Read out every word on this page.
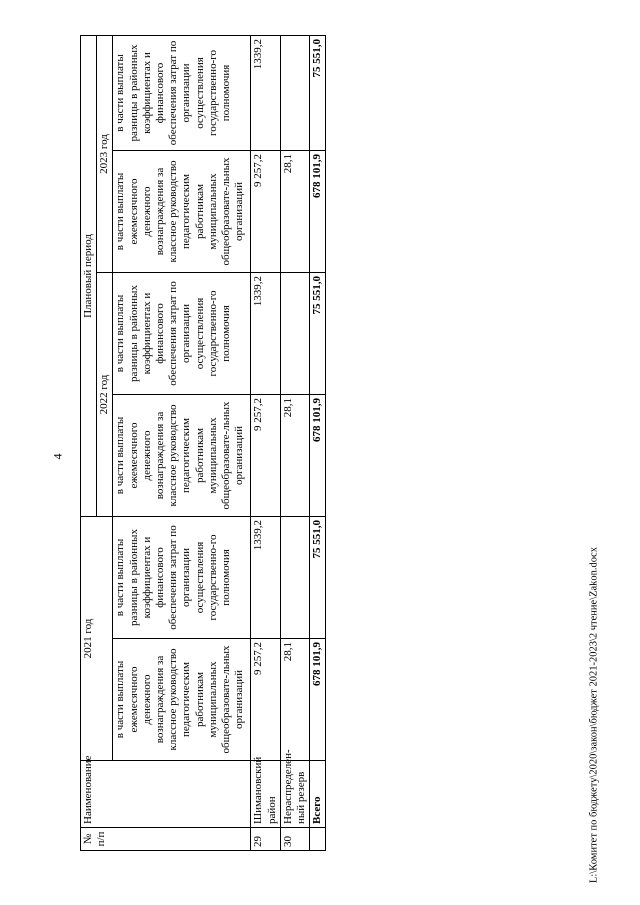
4
№ п/п	Наименование	2021 год		Плановый период			
				2022 год		2023 год	
		в части выплаты ежемесячного денежного вознаграждения за классное руководство педагогическим работникам муниципальных общеобразовате-льных организаций	в части выплаты разницы в районных коэффициентах и финансового обеспечения затрат по организации осуществления государственно-го полномочия	в части выплаты ежемесячного денежного вознаграждения за классное руководство педагогическим работникам муниципальных общеобразовате-льных организаций	в части выплаты разницы в районных коэффициентах и финансового обеспечения затрат по организации осуществления государственно-го полномочия	в части выплаты ежемесячного денежного вознаграждения за классное руководство педагогическим работникам муниципальных общеобразовате-льных организаций	в части выплаты разницы в районных коэффициентах и финансового обеспечения затрат по организации осуществления государственно-го полномочия
29	Шимановский район	9 257,2	1339,2	9 257,2	1339,2	9 257,2	1339,2
30	Нераспределен-ный резерв	28,1		28,1		28,1	
	Всего	678 101,9	75 551,0	678 101,9	75 551,0	678 101,9	75 551,0
L:\Комитет по бюджету\2020\закон\бюджет 2021-2023\2 чтение\Zakon.docx
